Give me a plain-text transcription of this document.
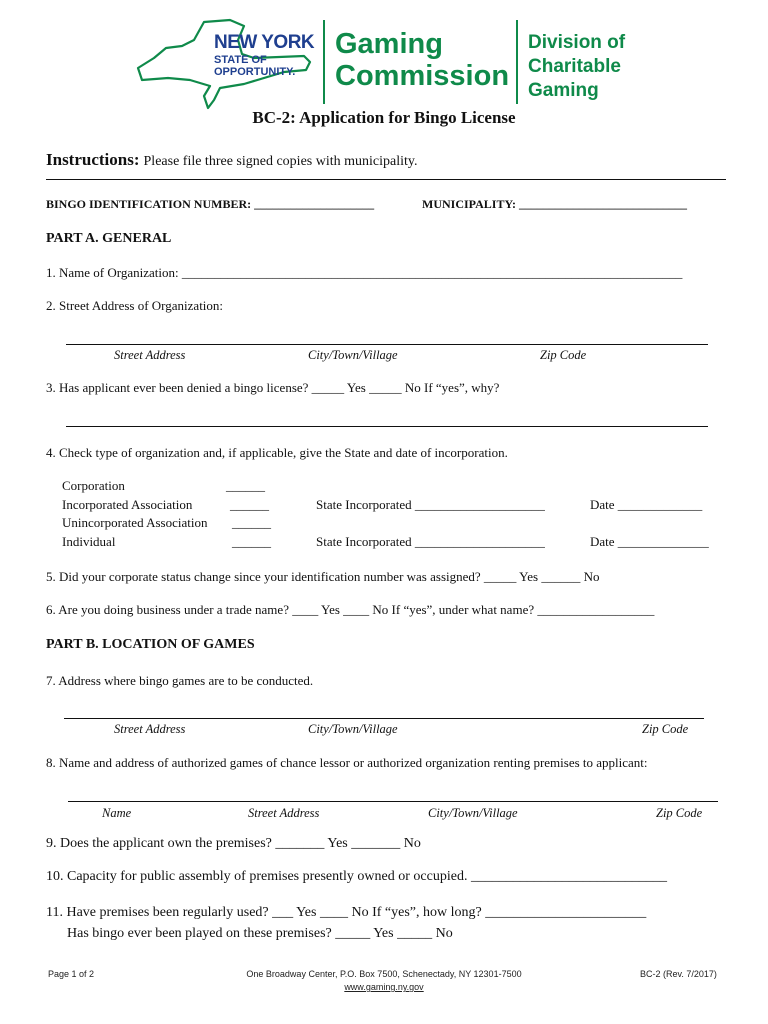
NEW YORK
STATE OF
OPPORTUNITY.
Gaming
Commission
Division of
Charitable
Gaming
BC-2: Application for Bingo License
Instructions: Please file three signed copies with municipality.
BINGO IDENTIFICATION NUMBER: ____________________	MUNICIPALITY: ____________________________
PART A. GENERAL
1. Name of Organization: _____________________________________________________________________________
2. Street Address of Organization:
Street Address	City/Town/Village	Zip Code
3. Has applicant ever been denied a bingo license? _____ Yes _____ No If “yes”, why?
4. Check type of organization and, if applicable, give the State and date of incorporation.
Corporation	______
Incorporated Association	______	State Incorporated ____________________	Date _____________
Unincorporated Association ______
Individual	______	State Incorporated ____________________	Date ______________
5. Did your corporate status change since your identification number was assigned? _____ Yes ______ No
6. Are you doing business under a trade name? ____ Yes ____ No If “yes”, under what name? __________________
PART B. LOCATION OF GAMES
7. Address where bingo games are to be conducted.
Street Address	City/Town/Village	Zip Code
8. Name and address of authorized games of chance lessor or authorized organization renting premises to applicant:
Name	Street Address	City/Town/Village	Zip Code
9. Does the applicant own the premises? _______ Yes _______ No
10. Capacity for public assembly of premises presently owned or occupied. ____________________________
11. Have premises been regularly used? ___ Yes ____ No If “yes”, how long? _______________________
Has bingo ever been played on these premises? _____ Yes _____ No
Page 1 of 2	One Broadway Center, P.O. Box 7500, Schenectady, NY 12301-7500
www.gaming.ny.gov
BC-2 (Rev. 7/2017)
